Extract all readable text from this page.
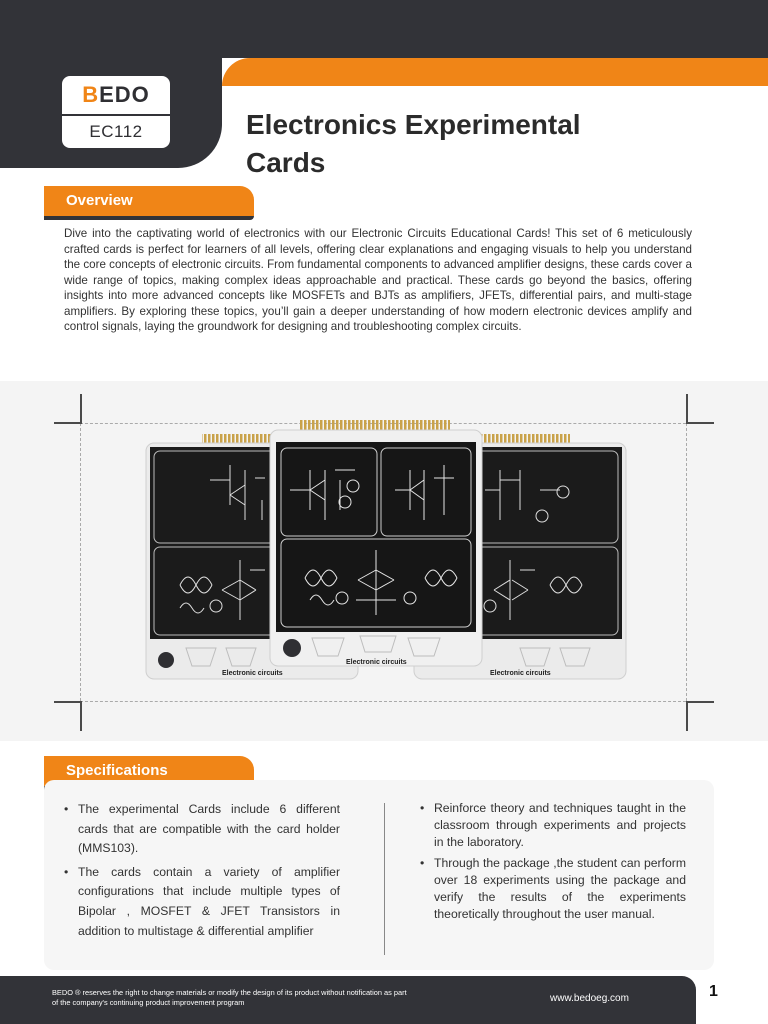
BEDO
EC112	Electronics Experimental Cards
Overview

Dive into the captivating world of electronics with our Electronic Circuits Educational Cards! This set of 6 meticulously crafted cards is perfect for learners of all levels, offering clear explanations and engaging visuals to help you understand the core concepts of electronic circuits. From fundamental components to advanced amplifier designs, these cards cover a wide range of topics, making complex ideas approachable and practical. These cards go beyond the basics, offering insights into more advanced concepts like MOSFETs and BJTs as amplifiers, JFETs, differential pairs, and multi-stage amplifiers. By exploring these topics, you’ll gain a deeper understanding of how modern electronic devices amplify and control signals, laying the groundwork for designing and troubleshooting complex circuits.

Electronic circuits	Electronic circuits
Electronic circuits
Specifications
• The experimental Cards include 6 different cards that are compatible with the card holder (MMS103).
• The cards contain a variety of amplifier configurations that include multiple types of Bipolar , MOSFET & JFET Transistors in addition to multistage & differential amplifier
• Reinforce theory and techniques taught in the classroom through experiments and projects in the laboratory.
• Through the package ,the student can perform over 18 experiments using the package and verify the results of the experiments theoretically throughout the user manual.
BEDO ® reserves the right to change materials or modify the design of its product without notification as part of the company's continuing product improvement program	www.bedoeg.com	1
